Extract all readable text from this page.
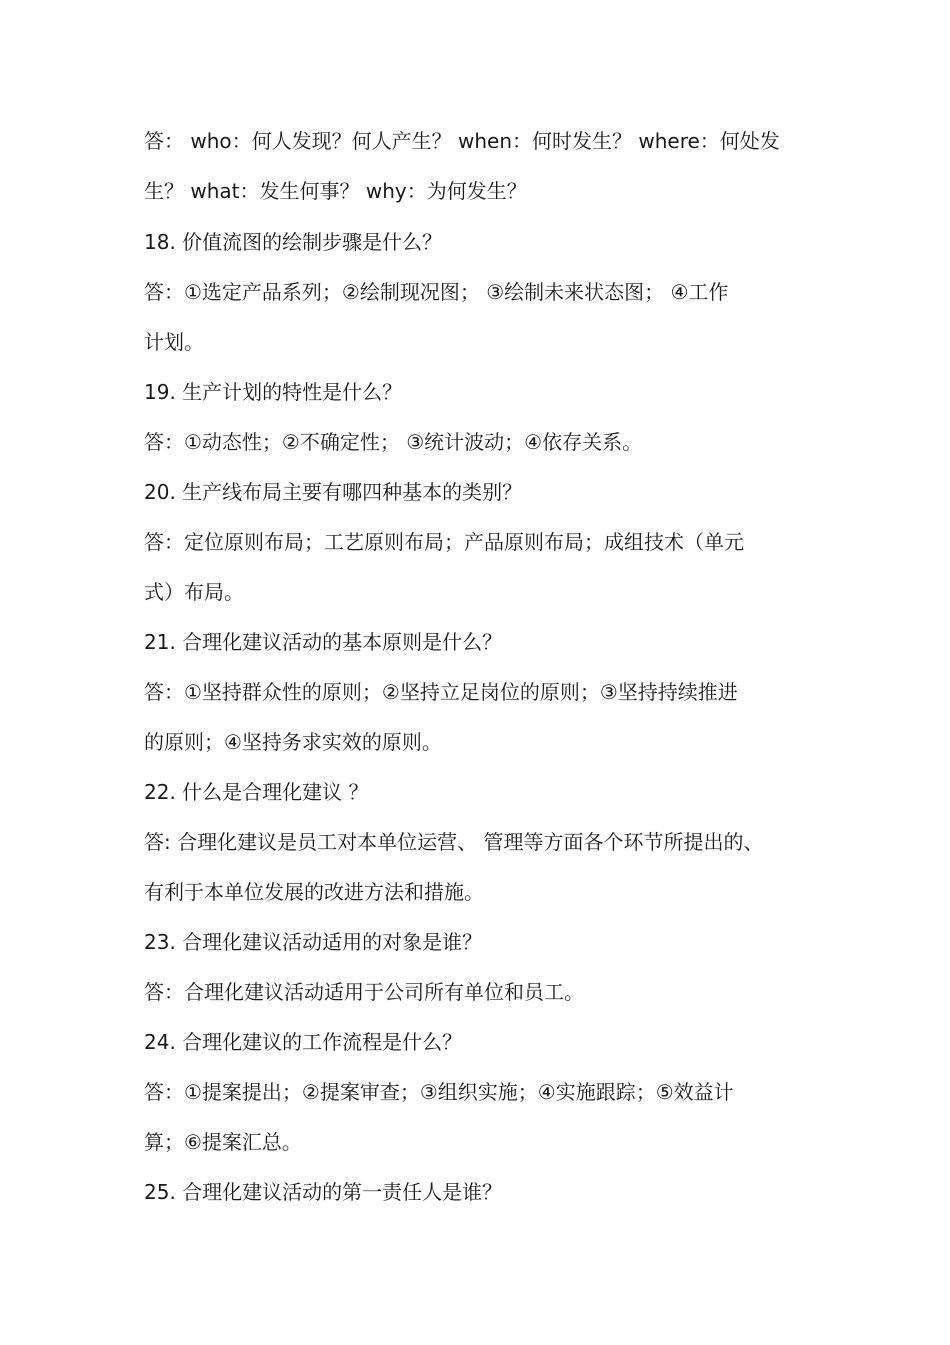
答： who：何人发现？何人产生？ when：何时发生？ where：何处发
生？ what：发生何事？ why：为何发生？
18. 价值流图的绘制步骤是什么？
答：①选定产品系列；②绘制现况图； ③绘制未来状态图； ④工作
计划。
19. 生产计划的特性是什么？
答：①动态性；②不确定性； ③统计波动；④依存关系。
20. 生产线布局主要有哪四种基本的类别？
答：定位原则布局；工艺原则布局；产品原则布局；成组技术（单元
式）布局。
21. 合理化建议活动的基本原则是什么？
答：①坚持群众性的原则；②坚持立足岗位的原则；③坚持持续推进
的原则；④坚持务求实效的原则。
22. 什么是合理化建议 ？
答: 合理化建议是员工对本单位运营、 管理等方面各个环节所提出的、
有利于本单位发展的改进方法和措施。
23. 合理化建议活动适用的对象是谁？
答：合理化建议活动适用于公司所有单位和员工。
24. 合理化建议的工作流程是什么？
答：①提案提出；②提案审查；③组织实施；④实施跟踪；⑤效益计
算；⑥提案汇总。
25. 合理化建议活动的第一责任人是谁？
